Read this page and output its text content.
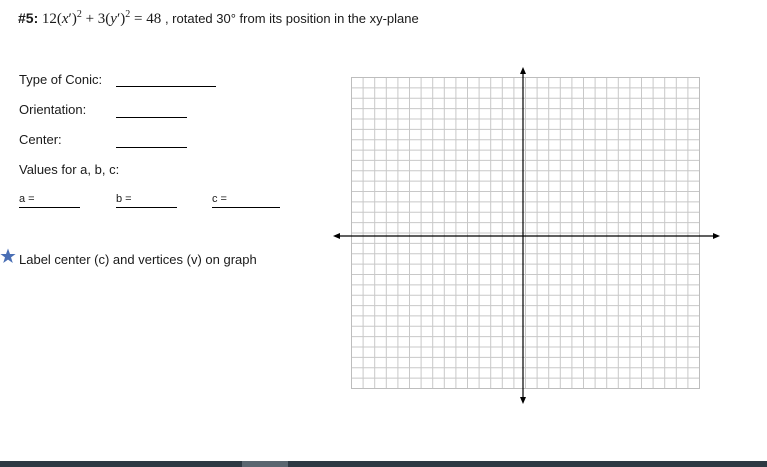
#5: $12(x')^2 + 3(y')^2 = 48$ , rotated 30° from its position in the xy-plane
Type of Conic:
Orientation:
Center:
Values for a, b, c:
a =	b =	c =
Label center (c) and vertices (v) on graph
